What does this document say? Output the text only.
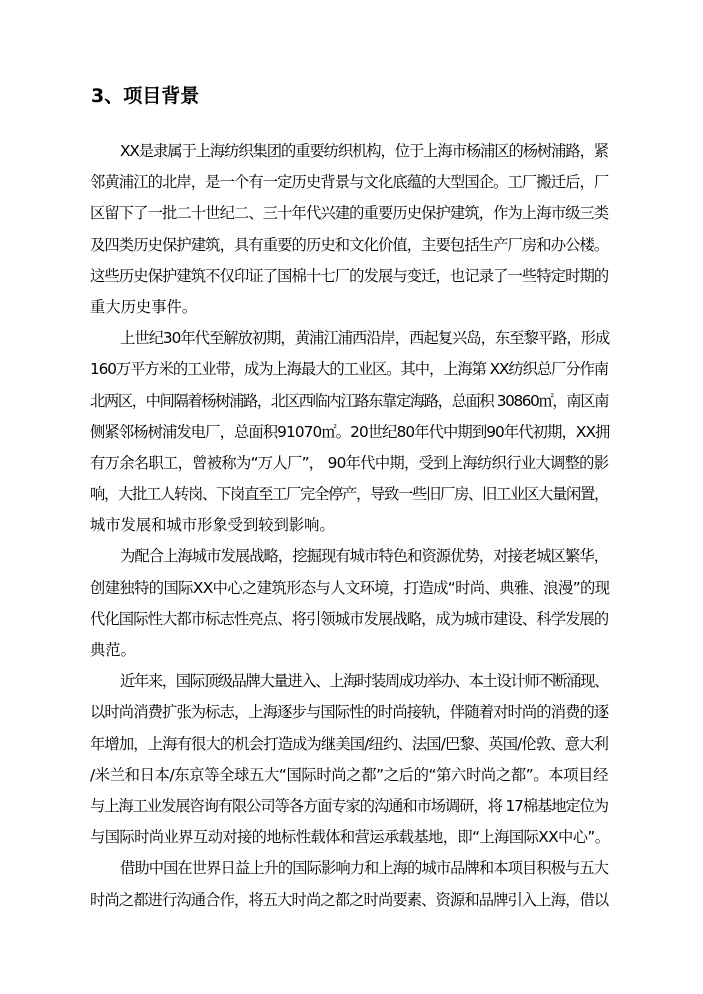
3、项目背景
XX是隶属于上海纺织集团的重要纺织机构，位于上海市杨浦区的杨树浦路，紧
邻黄浦江的北岸，是一个有一定历史背景与文化底蕴的大型国企。工厂搬迁后，厂
区留下了一批二十世纪二、三十年代兴建的重要历史保护建筑，作为上海市级三类
及四类历史保护建筑，具有重要的历史和文化价值，主要包括生产厂房和办公楼。
这些历史保护建筑不仅印证了国棉十七厂的发展与变迁，也记录了一些特定时期的
重大历史事件。
上世纪30年代至解放初期，黄浦江浦西沿岸，西起复兴岛，东至黎平路，形成
160万平方米的工业带，成为上海最大的工业区。其中，上海第 XX纺织总厂分作南
北两区，中间隔着杨树浦路，北区西临内江路东靠定海路，总面积 30860㎡，南区南
侧紧邻杨树浦发电厂，总面积91070㎡。20世纪80年代中期到90年代初期，XX拥
有万余名职工，曾被称为“万人厂”， 90年代中期，受到上海纺织行业大调整的影
响，大批工人转岗、下岗直至工厂完全停产，导致一些旧厂房、旧工业区大量闲置，
城市发展和城市形象受到较到影响。
为配合上海城市发展战略，挖掘现有城市特色和资源优势，对接老城区繁华，
创建独特的国际XX中心之建筑形态与人文环境，打造成“时尚、典雅、浪漫”的现
代化国际性大都市标志性亮点、将引领城市发展战略，成为城市建设、科学发展的
典范。
近年来，国际顶级品牌大量进入、上海时装周成功举办、本土设计师不断涌现、
以时尚消费扩张为标志，上海逐步与国际性的时尚接轨，伴随着对时尚的消费的逐
年增加，上海有很大的机会打造成为继美国/纽约、法国/巴黎、英国/伦敦、意大利
/米兰和日本/东京等全球五大“国际时尚之都”之后的“第六时尚之都”。本项目经
与上海工业发展咨询有限公司等各方面专家的沟通和市场调研，将 17棉基地定位为
与国际时尚业界互动对接的地标性载体和营运承载基地，即“上海国际XX中心”。
借助中国在世界日益上升的国际影响力和上海的城市品牌和本项目积极与五大
时尚之都进行沟通合作，将五大时尚之都之时尚要素、资源和品牌引入上海，借以
